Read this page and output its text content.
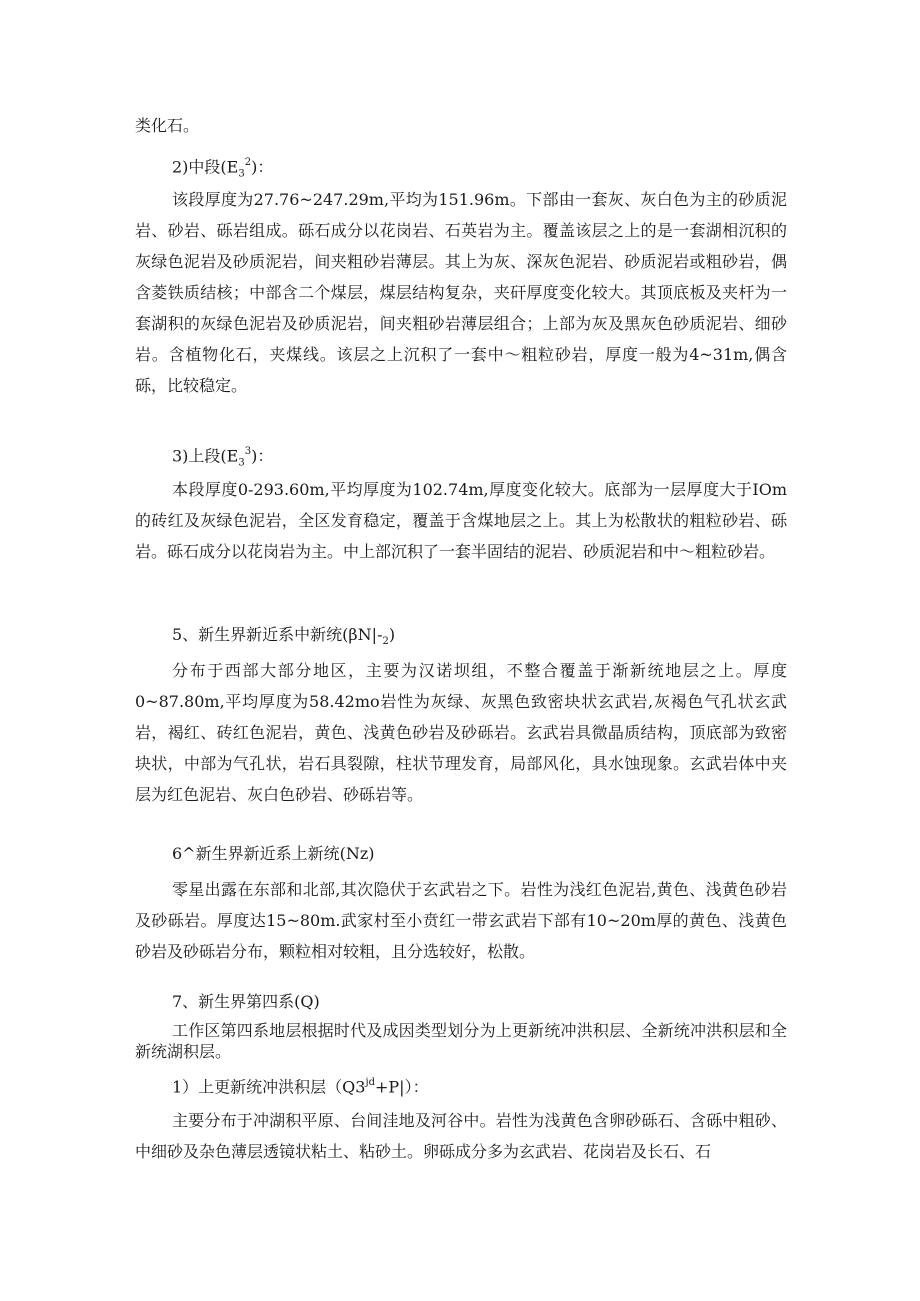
类化石。

2)中段$(E_3^2)$：

该段厚度为27.76~247.29m,平均为151.96m。下部由一套灰、灰白色为主的砂质泥岩、砂岩、砾岩组成。砾石成分以花岗岩、石英岩为主。覆盖该层之上的是一套湖相沉积的灰绿色泥岩及砂质泥岩，间夹粗砂岩薄层。其上为灰、深灰色泥岩、砂质泥岩或粗砂岩，偶含菱铁质结核；中部含二个煤层，煤层结构复杂，夹矸厚度变化较大。其顶底板及夹杆为一套湖积的灰绿色泥岩及砂质泥岩，间夹粗砂岩薄层组合；上部为灰及黑灰色砂质泥岩、细砂岩。含植物化石，夹煤线。该层之上沉积了一套中～粗粒砂岩，厚度一般为4~31m,偶含砾，比较稳定。

3)上段$(E_3^3)$：

本段厚度0-293.60m,平均厚度为102.74m,厚度变化较大。底部为一层厚度大于IOm的砖红及灰绿色泥岩，全区发育稳定，覆盖于含煤地层之上。其上为松散状的粗粒砂岩、砾岩。砾石成分以花岗岩为主。中上部沉积了一套半固结的泥岩、砂质泥岩和中～粗粒砂岩。

5、新生界新近系中新统$(\beta N|-_2)$

分布于西部大部分地区，主要为汉诺坝组，不整合覆盖于渐新统地层之上。厚度0~87.80m,平均厚度为58.42mo岩性为灰绿、灰黑色致密块状玄武岩,灰褐色气孔状玄武岩，褐红、砖红色泥岩，黄色、浅黄色砂岩及砂砾岩。玄武岩具微晶质结构，顶底部为致密块状，中部为气孔状，岩石具裂隙，柱状节理发育，局部风化，具水蚀现象。玄武岩体中夹层为红色泥岩、灰白色砂岩、砂砾岩等。

6^新生界新近系上新统(Nz)

零星出露在东部和北部,其次隐伏于玄武岩之下。岩性为浅红色泥岩,黄色、浅黄色砂岩及砂砾岩。厚度达15~80m.武家村至小贲红一带玄武岩下部有10~20m厚的黄色、浅黄色砂岩及砂砾岩分布，颗粒相对较粗，且分选较好，松散。

7、新生界第四系(Q)

工作区第四系地层根据时代及成因类型划分为上更新统冲洪积层、全新统冲洪积层和全新统湖积层。

1）上更新统冲洪积层$(Q3^{jd}+P|)$：

主要分布于冲湖积平原、台间洼地及河谷中。岩性为浅黄色含卵砂砾石、含砾中粗砂、中细砂及杂色薄层透镜状粘土、粘砂土。卵砾成分多为玄武岩、花岗岩及长石、石
